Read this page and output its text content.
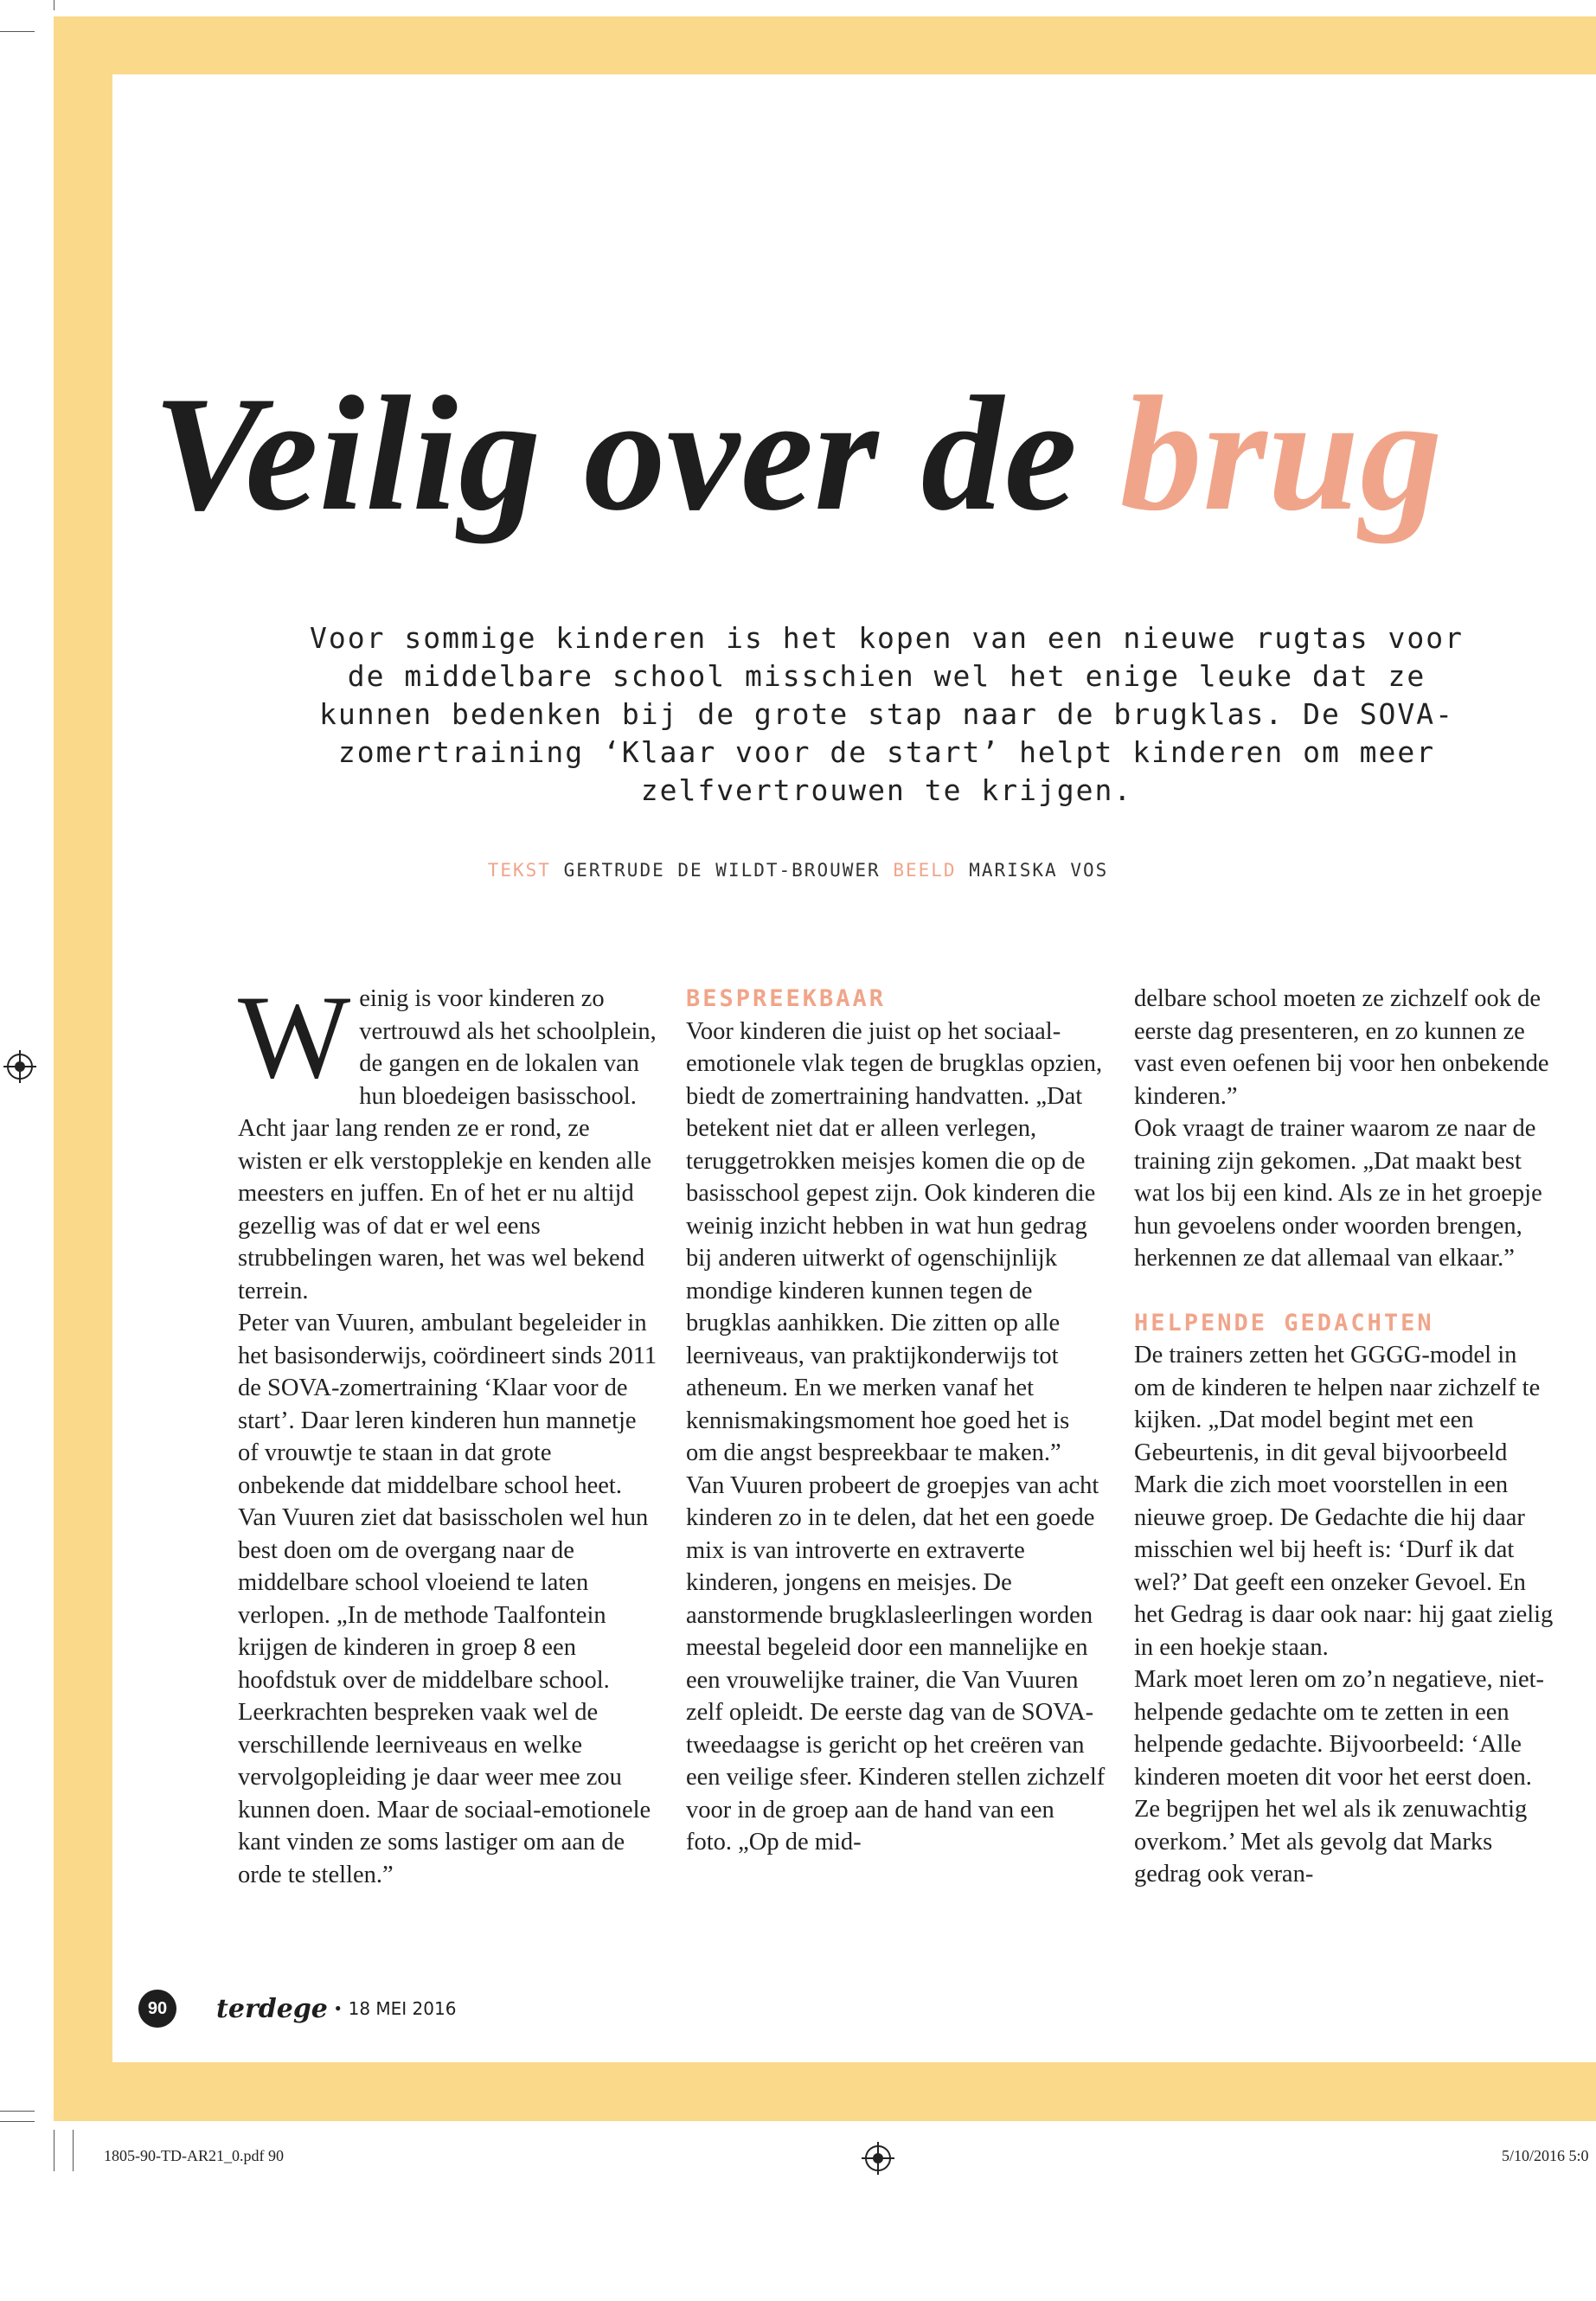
Veilig over de brug

Voor sommige kinderen is het kopen van een nieuwe rugtas voor de middelbare school misschien wel het enige leuke dat ze kunnen bedenken bij de grote stap naar de brugklas. De SOVA-zomertraining ‘Klaar voor de start’ helpt kinderen om meer zelfvertrouwen te krijgen.

TEKST GERTRUDE DE WILDT-BROUWER BEELD MARISKA VOS

Weinig is voor kinderen zo vertrouwd als het schoolplein, de gangen en de lokalen van hun bloedeigen basisschool. Acht jaar lang renden ze er rond, ze wisten er elk verstopplekje en kenden alle meesters en juffen. En of het er nu altijd gezellig was of dat er wel eens strubbelingen waren, het was wel bekend terrein.

Peter van Vuuren, ambulant begeleider in het basisonderwijs, coördineert sinds 2011 de SOVA-zomertraining ‘Klaar voor de start’. Daar leren kinderen hun mannetje of vrouwtje te staan in dat grote onbekende dat middelbare school heet.

Van Vuuren ziet dat basisscholen wel hun best doen om de overgang naar de middelbare school vloeiend te laten verlopen. „In de methode Taalfontein krijgen de kinderen in groep 8 een hoofdstuk over de middelbare school. Leerkrachten bespreken vaak wel de verschillende leerniveaus en welke vervolgopleiding je daar weer mee zou kunnen doen. Maar de sociaal-emotionele kant vinden ze soms lastiger om aan de orde te stellen.”

BESPREEKBAAR

Voor kinderen die juist op het sociaal-emotionele vlak tegen de brugklas opzien, biedt de zomertraining handvatten. „Dat betekent niet dat er alleen verlegen, teruggetrokken meisjes komen die op de basisschool gepest zijn. Ook kinderen die weinig inzicht hebben in wat hun gedrag bij anderen uitwerkt of ogenschijnlijk mondige kinderen kunnen tegen de brugklas aanhikken. Die zitten op alle leerniveaus, van praktijkonderwijs tot atheneum. En we merken vanaf het kennismakingsmoment hoe goed het is om die angst bespreekbaar te maken.”

Van Vuuren probeert de groepjes van acht kinderen zo in te delen, dat het een goede mix is van introverte en extraverte kinderen, jongens en meisjes. De aanstormende brugklasleerlingen worden meestal begeleid door een mannelijke en een vrouwelijke trainer, die Van Vuuren zelf opleidt. De eerste dag van de SOVA-tweedaagse is gericht op het creëren van een veilige sfeer. Kinderen stellen zichzelf voor in de groep aan de hand van een foto. „Op de mid-

delbare school moeten ze zichzelf ook de eerste dag presenteren, en zo kunnen ze vast even oefenen bij voor hen onbekende kinderen.”

Ook vraagt de trainer waarom ze naar de training zijn gekomen. „Dat maakt best wat los bij een kind. Als ze in het groepje hun gevoelens onder woorden brengen, herkennen ze dat allemaal van elkaar.”

HELPENDE GEDACHTEN

De trainers zetten het GGGG-model in om de kinderen te helpen naar zichzelf te kijken. „Dat model begint met een Gebeurtenis, in dit geval bijvoorbeeld Mark die zich moet voorstellen in een nieuwe groep. De Gedachte die hij daar misschien wel bij heeft is: ‘Durf ik dat wel?’ Dat geeft een onzeker Gevoel. En het Gedrag is daar ook naar: hij gaat zielig in een hoekje staan.

Mark moet leren om zo’n negatieve, niet-helpende gedachte om te zetten in een helpende gedachte. Bijvoorbeeld: ‘Alle kinderen moeten dit voor het eerst doen. Ze begrijpen het wel als ik zenuwachtig overkom.’ Met als gevolg dat Marks gedrag ook veran-

90	terdege • 18 MEI 2016
1805-90-TD-AR21_0.pdf 90	5/10/2016 5:0
